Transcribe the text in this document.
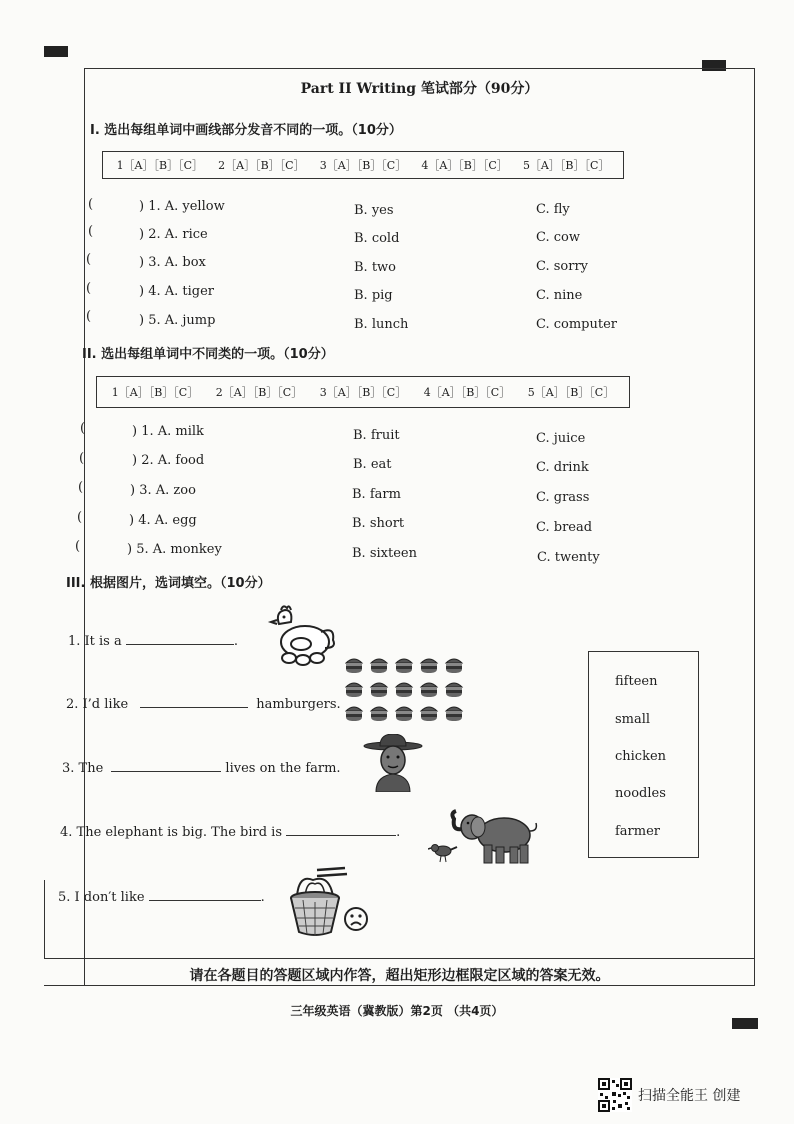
请在各题目的答题区域内作答，超出矩形边框限定区域的答案无效。
Part II Writing 笔试部分（90分）
I. 选出每组单词中画线部分发音不同的一项。（10分）
1［A］［B］［C］ 2［A］［B］［C］ 3［A］［B］［C］ 4［A］［B］［C］ 5［A］［B］［C］
(	) 1. A. yellow	B. yes	C. fly
(	) 2. A. rice	B. cold	C. cow
(	) 3. A. box	B. two	C. sorry
(	) 4. A. tiger	B. pig	C. nine
(	) 5. A. jump	B. lunch	C. computer
II. 选出每组单词中不同类的一项。（10分）
1［A］［B］［C］ 2［A］［B］［C］ 3［A］［B］［C］ 4［A］［B］［C］ 5［A］［B］［C］
(	) 1. A. milk	B. fruit	C. juice
(	) 2. A. food	B. eat	C. drink
(	) 3. A. zoo	B. farm	C. grass
(	) 4. A. egg	B. short	C. bread
(	) 5. A. monkey	B. sixteen	C. twenty
III. 根据图片，选词填空。（10分）
1. It is a	.
2. I’d like	hamburgers.
3. The	lives on the farm.
4. The elephant is big. The bird is	.
5. I don′t like	.
fifteen
small
chicken
noodles
farmer
三年级英语（冀教版）第2页 （共4页）
扫描全能王 创建
